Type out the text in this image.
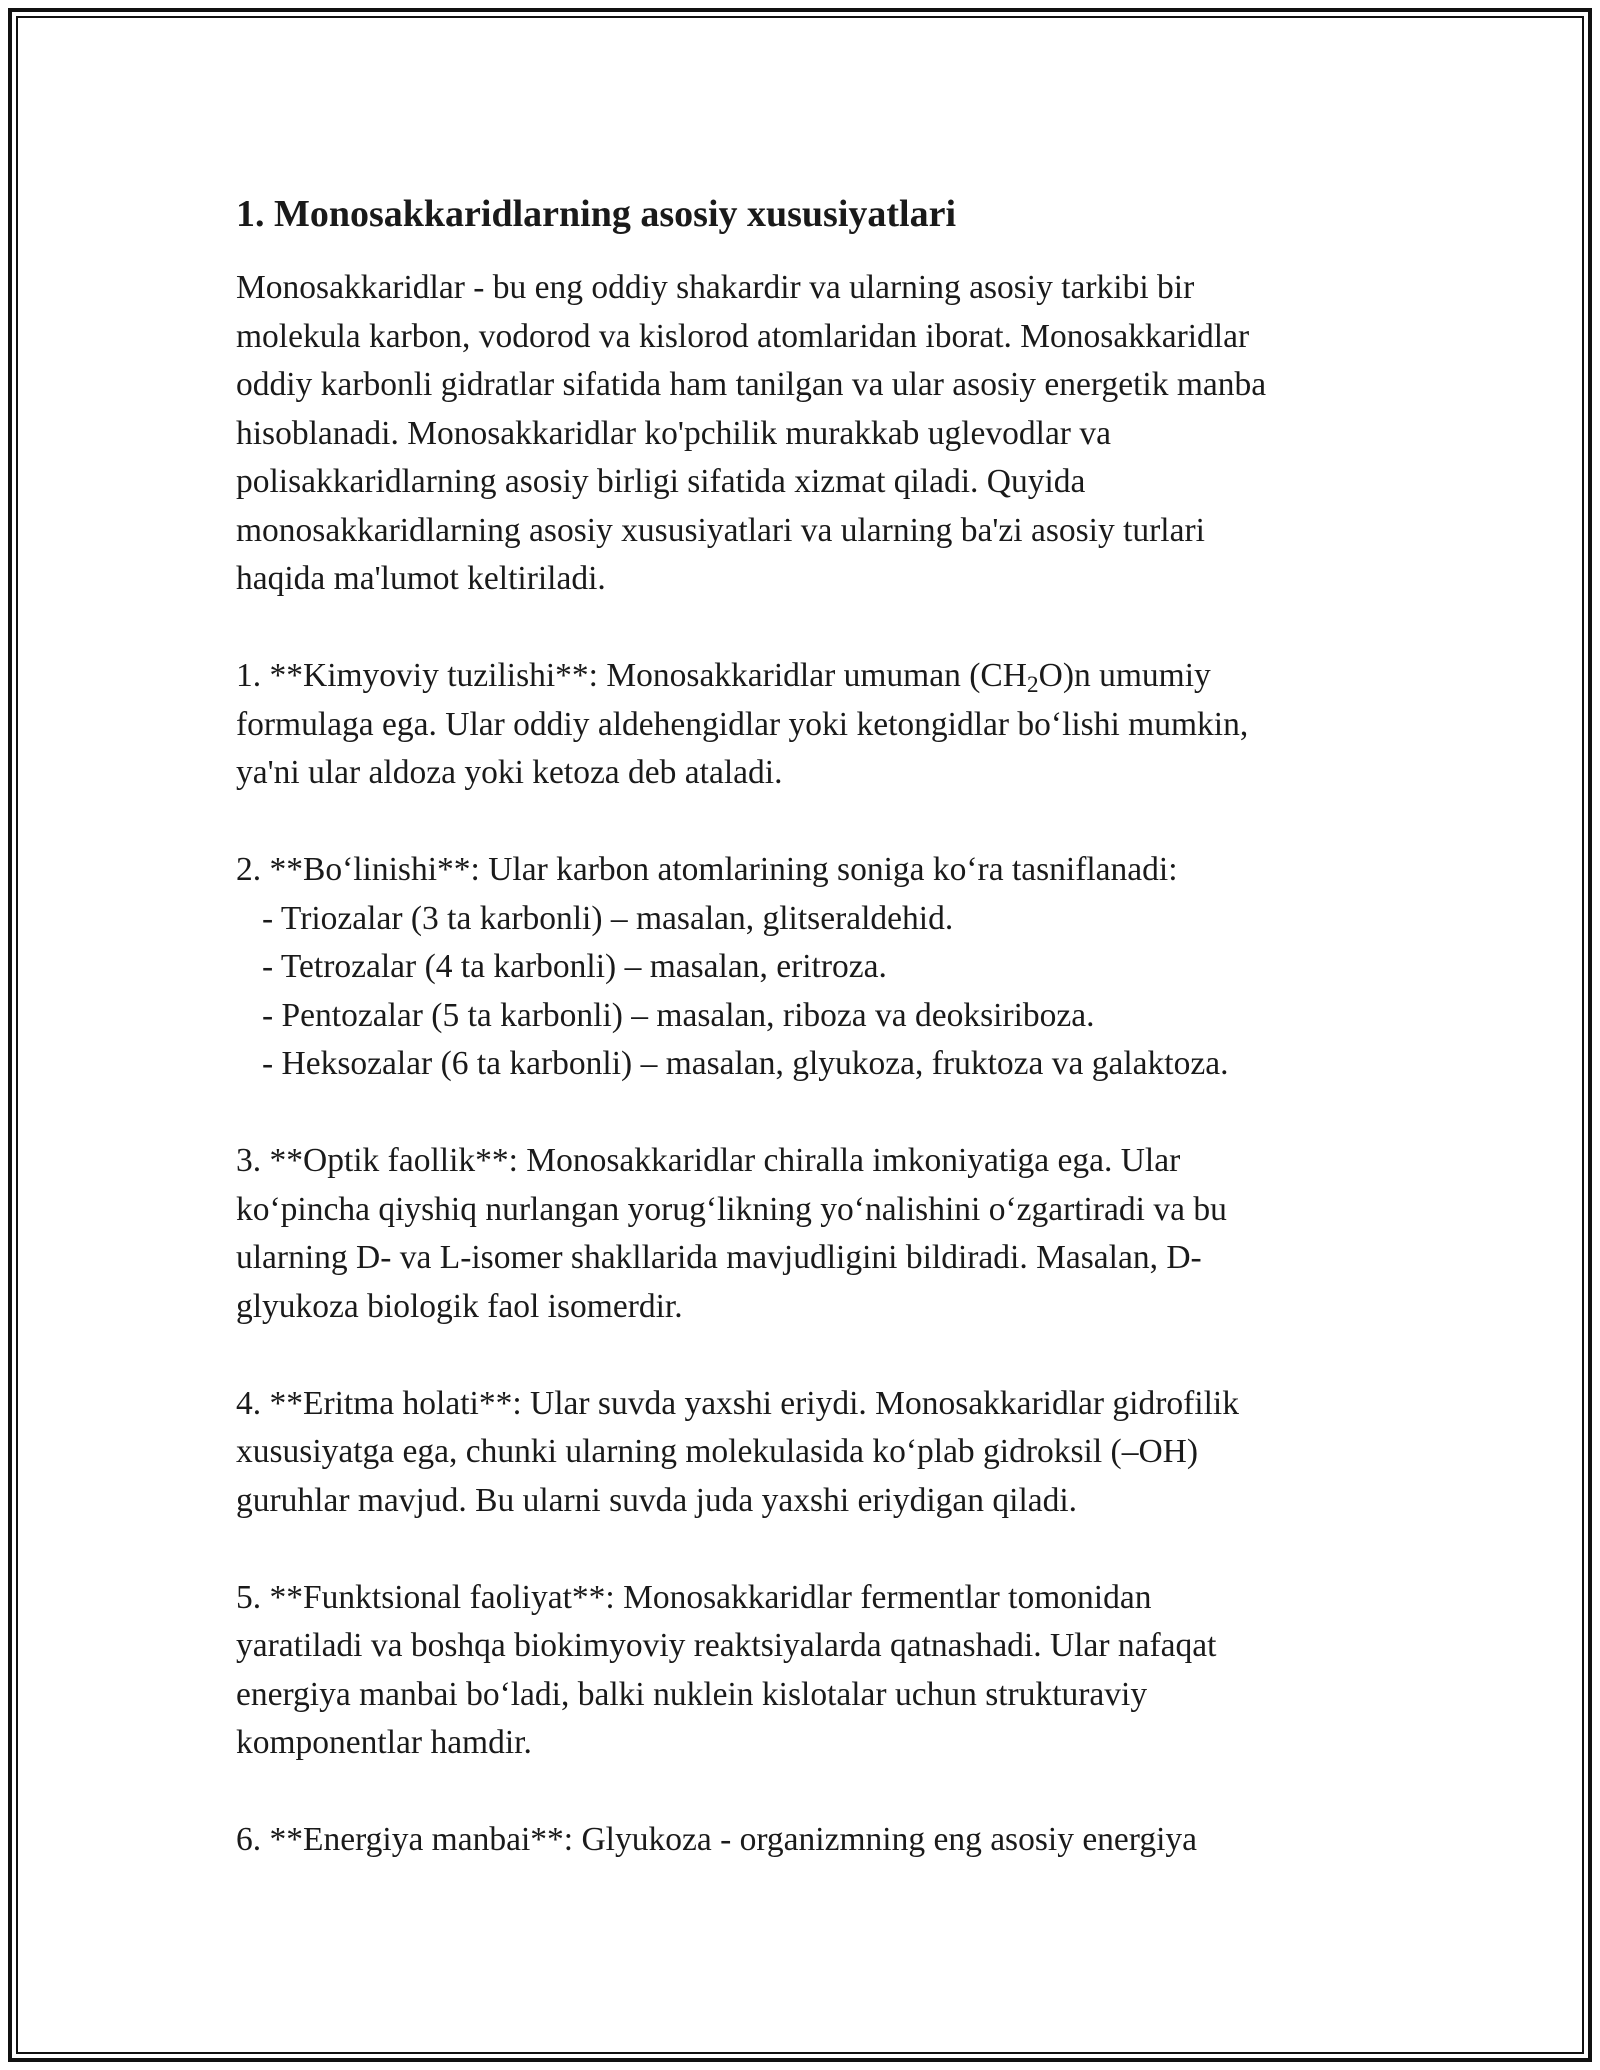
1. Monosakkaridlarning asosiy xususiyatlari
Monosakkaridlar - bu eng oddiy shakardir va ularning asosiy tarkibi bir
molekula karbon, vodorod va kislorod atomlaridan iborat. Monosakkaridlar
oddiy karbonli gidratlar sifatida ham tanilgan va ular asosiy energetik manba
hisoblanadi. Monosakkaridlar ko'pchilik murakkab uglevodlar va
polisakkaridlarning asosiy birligi sifatida xizmat qiladi. Quyida
monosakkaridlarning asosiy xususiyatlari va ularning ba'zi asosiy turlari
haqida ma'lumot keltiriladi.
1. **Kimyoviy tuzilishi**: Monosakkaridlar umuman $(CH_2O)n$ umumiy
formulaga ega. Ular oddiy aldehengidlar yoki ketongidlar bo‘lishi mumkin,
ya'ni ular aldoza yoki ketoza deb ataladi.
2. **Bo‘linishi**: Ular karbon atomlarining soniga ko‘ra tasniflanadi:
- Triozalar (3 ta karbonli) – masalan, glitseraldehid.
- Tetrozalar (4 ta karbonli) – masalan, eritroza.
- Pentozalar (5 ta karbonli) – masalan, riboza va deoksiriboza.
- Heksozalar (6 ta karbonli) – masalan, glyukoza, fruktoza va galaktoza.
3. **Optik faollik**: Monosakkaridlar chiralla imkoniyatiga ega. Ular
ko‘pincha qiyshiq nurlangan yorug‘likning yo‘nalishini o‘zgartiradi va bu
ularning D- va L-isomer shakllarida mavjudligini bildiradi. Masalan, D-
glyukoza biologik faol isomerdir.
4. **Eritma holati**: Ular suvda yaxshi eriydi. Monosakkaridlar gidrofilik
xususiyatga ega, chunki ularning molekulasida ko‘plab gidroksil (–OH)
guruhlar mavjud. Bu ularni suvda juda yaxshi eriydigan qiladi.
5. **Funktsional faoliyat**: Monosakkaridlar fermentlar tomonidan
yaratiladi va boshqa biokimyoviy reaktsiyalarda qatnashadi. Ular nafaqat
energiya manbai bo‘ladi, balki nuklein kislotalar uchun strukturaviy
komponentlar hamdir.
6. **Energiya manbai**: Glyukoza - organizmning eng asosiy energiya
